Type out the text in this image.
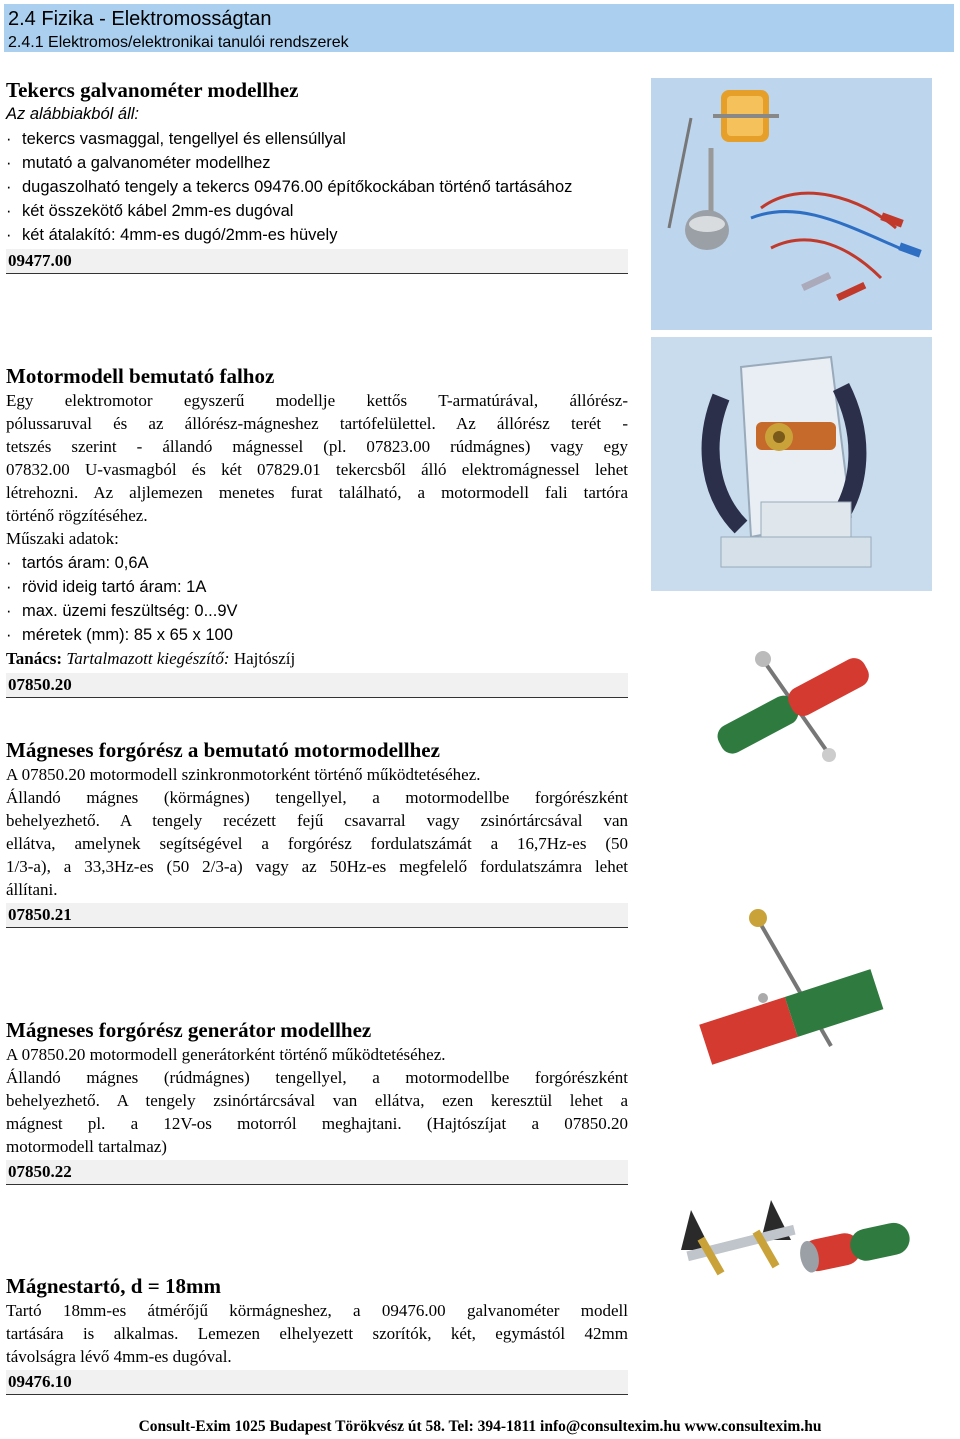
2.4 Fizika - Elektromosságtan
2.4.1 Elektromos/elektronikai tanulói rendszerek
Tekercs galvanométer modellhez
Az alábbiakból áll:
· tekercs vasmaggal, tengellyel és ellensúllyal
· mutató a galvanométer modellhez
· dugaszolható tengely a tekercs 09476.00 építőkockában történő tartásához
· két összekötő kábel 2mm-es dugóval
· két átalakító: 4mm-es dugó/2mm-es hüvely
09477.00
Motormodell bemutató falhoz
Egy elektromotor egyszerű modellje kettős T-armatúrával, állórész-
pólussaruval és az állórész-mágneshez tartófelülettel. Az állórész terét -
tetszés szerint - állandó mágnessel (pl. 07823.00 rúdmágnes) vagy egy
07832.00 U-vasmagból és két 07829.01 tekercsből álló elektromágnessel lehet
létrehozni. Az aljlemezen menetes furat található, a motormodell fali tartóra
történő rögzítéséhez.
Műszaki adatok:
· tartós áram: 0,6A
· rövid ideig tartó áram: 1A
· max. üzemi feszültség: 0...9V
· méretek (mm): 85 x 65 x 100
Tanács: Tartalmazott kiegészítő: Hajtószíj
07850.20
Mágneses forgórész a bemutató motormodellhez
A 07850.20 motormodell szinkronmotorként történő működtetéséhez.
Állandó mágnes (körmágnes) tengellyel, a motormodellbe forgórészként
behelyezhető. A tengely recézett fejű csavarral vagy zsinórtárcsával van
ellátva, amelynek segítségével a forgórész fordulatszámát a 16,7Hz-es (50
1/3-a), a 33,3Hz-es (50 2/3-a) vagy az 50Hz-es megfelelő fordulatszámra lehet
állítani.
07850.21
Mágneses forgórész generátor modellhez
A 07850.20 motormodell generátorként történő működtetéséhez.
Állandó mágnes (rúdmágnes) tengellyel, a motormodellbe forgórészként
behelyezhető. A tengely zsinórtárcsával van ellátva, ezen keresztül lehet a
mágnest pl. a 12V-os motorról meghajtani. (Hajtószíjat a 07850.20
motormodell tartalmaz)
07850.22
Mágnestartó, d = 18mm
Tartó 18mm-es átmérőjű körmágneshez, a 09476.00 galvanométer modell
tartására is alkalmas. Lemezen elhelyezett szorítók, két, egymástól 42mm
távolságra lévő 4mm-es dugóval.
09476.10
Consult-Exim 1025 Budapest Törökvész út 58. Tel: 394-1811 info@consultexim.hu www.consultexim.hu
